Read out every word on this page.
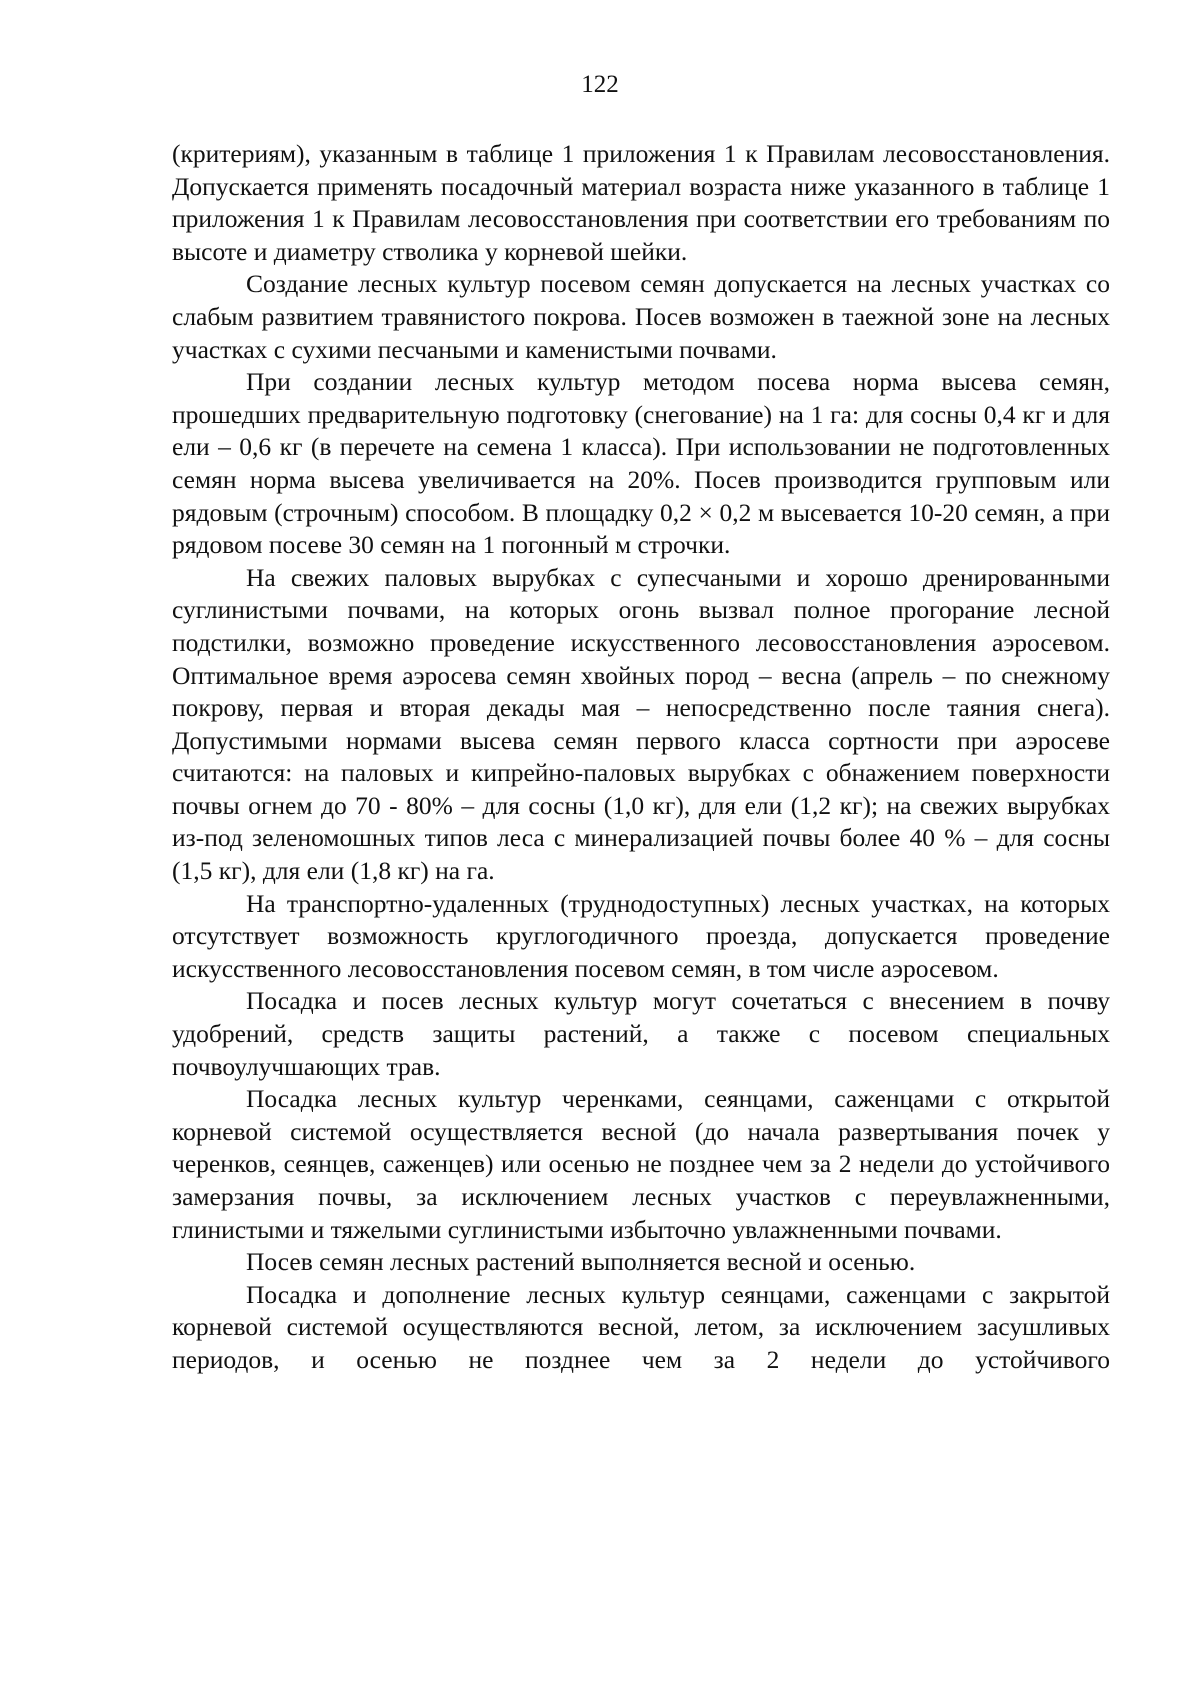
122

(критериям), указанным в таблице 1 приложения 1 к Правилам лесовосстановления. Допускается применять посадочный материал возраста ниже указанного в таблице 1 приложения 1 к Правилам лесовосстановления при соответствии его требованиям по высоте и диаметру стволика у корневой шейки.

Создание лесных культур посевом семян допускается на лесных участках со слабым развитием травянистого покрова. Посев возможен в таежной зоне на лесных участках с сухими песчаными и каменистыми почвами.

При создании лесных культур методом посева норма высева семян, прошедших предварительную подготовку (снегование) на 1 га: для сосны 0,4 кг и для ели – 0,6 кг (в перечете на семена 1 класса). При использовании не подготовленных семян норма высева увеличивается на 20%. Посев производится групповым или рядовым (строчным) способом. В площадку 0,2 × 0,2 м высевается 10-20 семян, а при рядовом посеве 30 семян на 1 погонный м строчки.

На свежих паловых вырубках с супесчаными и хорошо дренированными суглинистыми почвами, на которых огонь вызвал полное прогорание лесной подстилки, возможно проведение искусственного лесовосстановления аэросевом. Оптимальное время аэросева семян хвойных пород – весна (апрель – по снежному покрову, первая и вторая декады мая – непосредственно после таяния снега). Допустимыми нормами высева семян первого класса сортности при аэросеве считаются: на паловых и кипрейно-паловых вырубках с обнажением поверхности почвы огнем до 70 - 80% – для сосны (1,0 кг), для ели (1,2 кг); на свежих вырубках из-под зеленомошных типов леса с минерализацией почвы более 40 % – для сосны (1,5 кг), для ели (1,8 кг) на га.

На транспортно-удаленных (труднодоступных) лесных участках, на которых отсутствует возможность круглогодичного проезда, допускается проведение искусственного лесовосстановления посевом семян, в том числе аэросевом.

Посадка и посев лесных культур могут сочетаться с внесением в почву удобрений, средств защиты растений, а также с посевом специальных почвоулучшающих трав.

Посадка лесных культур черенками, сеянцами, саженцами с открытой корневой системой осуществляется весной (до начала развертывания почек у черенков, сеянцев, саженцев) или осенью не позднее чем за 2 недели до устойчивого замерзания почвы, за исключением лесных участков с переувлажненными, глинистыми и тяжелыми суглинистыми избыточно увлажненными почвами.

Посев семян лесных растений выполняется весной и осенью.

Посадка и дополнение лесных культур сеянцами, саженцами с закрытой корневой системой осуществляются весной, летом, за исключением засушливых периодов, и осенью не позднее чем за 2 недели до устойчивого
